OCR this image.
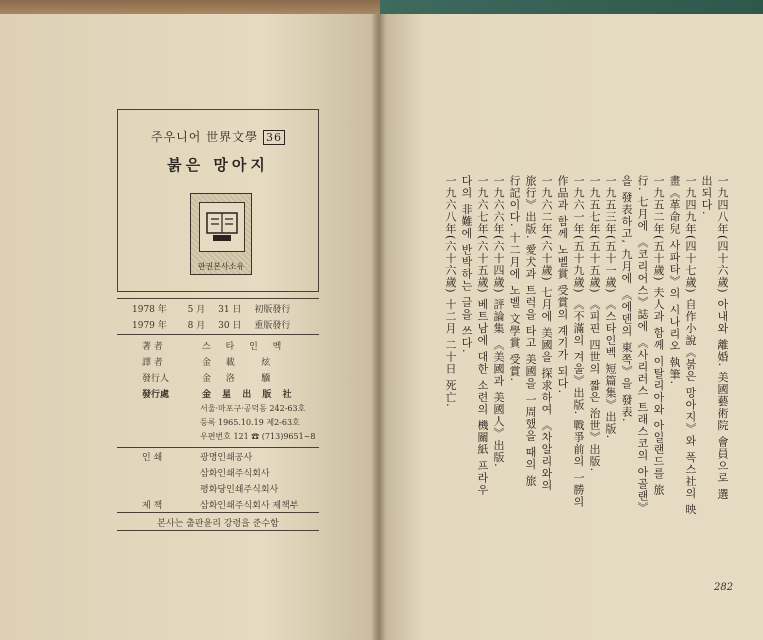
주우니어 世界文學 36
붉은 망아지
판권본사소유
1978 年 5 月 31 日 初版發行
1979 年 8 月 30 日 重版發行
著 者	스 타 인 벡
譯 者	金 　 載 　 　 炫
發行人	金 　 洛 　 　 驥
發行處	金 星 出 版 社
서울·마포구·공덕동 242-63호
등록 1965.10.19 제2-63호
우편번호 121 ☎ (713)9651~8
인 쇄	광명인쇄공사
삼화인쇄주식회사
평화당인쇄주식회사
제 책	삼화인쇄주식회사 제책부
본사는 출판윤리 강령을 준수함
一九四八年(四十六歲) 아내와 離婚. 美國藝術院 會員으로 選
出되다.
一九四九年(四十七歲) 自作小說《붉은 망아지》와 폭스社의 映
畫《革命兒 사파타》의 시나리오 執筆.
一九五二年(五十歲) 夫人과 함께 이탈리아와 아일랜드를 旅
行. 七月에 《코리어스》誌에 《사리러스 트래스코의 아골랜》
을 發表하고, 九月에 《에덴의 東쪽》을 發表.
一九五三年(五十一歲) 《스타인벡 短篇集》出版.
一九五七年(五十五歲) 《피핀 四世의 짧은 治世》出版.
一九六一年(五十九歲) 《不滿의 겨울》出版. 戰爭前의 一勝의
作品과 함께 노벨賞 受賞의 계기가 되다.
一九六二年(六十歲) 七月에 美國을 探求하여 《차알리와의
旅行》出版. 愛犬과 트럭을 타고 美國을 一周했을 때의 旅
行記이다. 十二月에 노벨 文學賞 受賞.
一九六六年(六十四歲) 評論集 《美國과 美國人》出版.
一九六七年(六十五歲) 베트남에 대한 소련의 機關紙 프라우
다의 非難에 반박하는 글을 쓰다.
一九六八年(六十六歲) 十二月 二十日 死亡.
282
